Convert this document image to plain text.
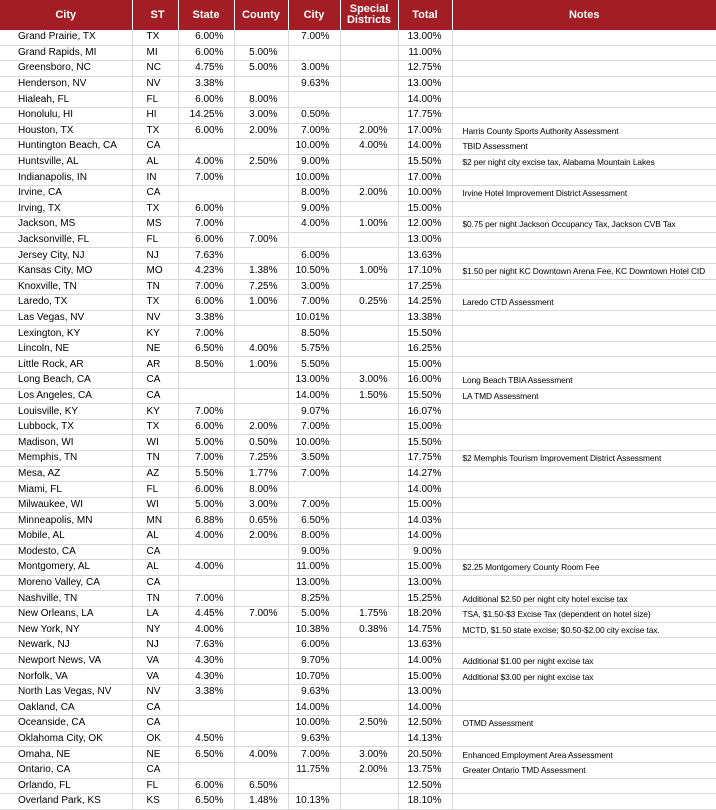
City	ST	State	County	City	Special Districts	Total	Notes
Grand Prairie, TX	TX	6.00%		7.00%		13.00%	
Grand Rapids, MI	MI	6.00%	5.00%			11.00%	
Greensboro, NC	NC	4.75%	5.00%	3.00%		12.75%	
Henderson, NV	NV	3.38%		9.63%		13.00%	
Hialeah, FL	FL	6.00%	8.00%			14.00%	
Honolulu, HI	HI	14.25%	3.00%	0.50%		17.75%	
Houston, TX	TX	6.00%	2.00%	7.00%	2.00%	17.00%	Harris County Sports Authority Assessment
Huntington Beach, CA	CA			10.00%	4.00%	14.00%	TBID Assessment
Huntsville, AL	AL	4.00%	2.50%	9.00%		15.50%	$2 per night city excise tax, Alabama Mountain Lakes
Indianapolis, IN	IN	7.00%		10.00%		17.00%	
Irvine, CA	CA			8.00%	2.00%	10.00%	Irvine Hotel Improvement District Assessment
Irving, TX	TX	6.00%		9.00%		15.00%	
Jackson, MS	MS	7.00%		4.00%	1.00%	12.00%	$0.75 per night Jackson Occupancy Tax, Jackson CVB Tax
Jacksonville, FL	FL	6.00%	7.00%			13.00%	
Jersey City, NJ	NJ	7.63%		6.00%		13.63%	
Kansas City, MO	MO	4.23%	1.38%	10.50%	1.00%	17.10%	$1.50 per night KC Downtown Arena Fee, KC Downtown Hotel CID
Knoxville, TN	TN	7.00%	7.25%	3.00%		17.25%	
Laredo, TX	TX	6.00%	1.00%	7.00%	0.25%	14.25%	Laredo CTD Assessment
Las Vegas, NV	NV	3.38%		10.01%		13.38%	
Lexington, KY	KY	7.00%		8.50%		15.50%	
Lincoln, NE	NE	6.50%	4.00%	5.75%		16.25%	
Little Rock, AR	AR	8.50%	1.00%	5.50%		15.00%	
Long Beach, CA	CA			13.00%	3.00%	16.00%	Long Beach TBIA Assessment
Los Angeles, CA	CA			14.00%	1.50%	15.50%	LA TMD Assessment
Louisville, KY	KY	7.00%		9.07%		16.07%	
Lubbock, TX	TX	6.00%	2.00%	7.00%		15.00%	
Madison, WI	WI	5.00%	0.50%	10.00%		15.50%	
Memphis, TN	TN	7.00%	7.25%	3.50%		17.75%	$2 Memphis Tourism Improvement District Assessment
Mesa, AZ	AZ	5.50%	1.77%	7.00%		14.27%	
Miami, FL	FL	6.00%	8.00%			14.00%	
Milwaukee, WI	WI	5.00%	3.00%	7.00%		15.00%	
Minneapolis, MN	MN	6.88%	0.65%	6.50%		14.03%	
Mobile, AL	AL	4.00%	2.00%	8.00%		14.00%	
Modesto, CA	CA			9.00%		9.00%	
Montgomery, AL	AL	4.00%		11.00%		15.00%	$2.25 Montgomery County Room Fee
Moreno Valley, CA	CA			13.00%		13.00%	
Nashville, TN	TN	7.00%		8.25%		15.25%	Additional $2.50 per night city hotel excise tax
New Orleans, LA	LA	4.45%	7.00%	5.00%	1.75%	18.20%	TSA, $1.50-$3 Excise Tax (dependent on hotel size)
New York, NY	NY	4.00%		10.38%	0.38%	14.75%	MCTD, $1.50 state excise; $0.50-$2.00 city excise tax.
Newark, NJ	NJ	7.63%		6.00%		13.63%	
Newport News, VA	VA	4.30%		9.70%		14.00%	Additional $1.00 per night excise tax
Norfolk, VA	VA	4.30%		10.70%		15.00%	Additional $3.00 per night excise tax
North Las Vegas, NV	NV	3.38%		9.63%		13.00%	
Oakland, CA	CA			14.00%		14.00%	
Oceanside, CA	CA			10.00%	2.50%	12.50%	OTMD Assessment
Oklahoma City, OK	OK	4.50%		9.63%		14.13%	
Omaha, NE	NE	6.50%	4.00%	7.00%	3.00%	20.50%	Enhanced Employment Area Assessment
Ontario, CA	CA			11.75%	2.00%	13.75%	Greater Ontario TMD Assessment
Orlando, FL	FL	6.00%	6.50%			12.50%	
Overland Park, KS	KS	6.50%	1.48%	10.13%		18.10%	
